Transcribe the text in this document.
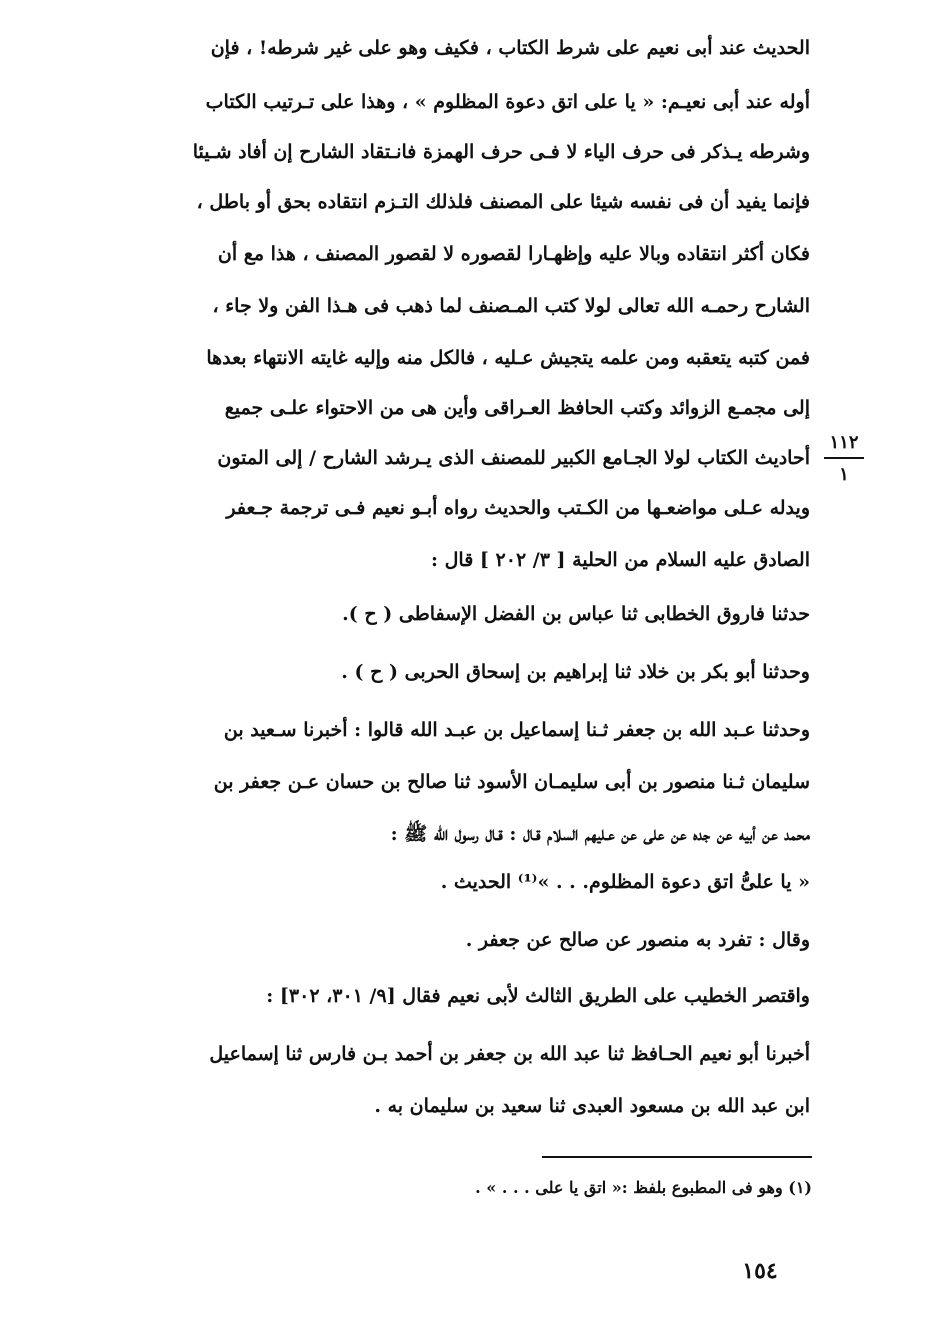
الحديث عند أبى نعيم على شرط الكتاب ، فكيف وهو على غير شرطه! ، فإن
أوله عند أبى نعيـم: « يا على اتق دعوة المظلوم » ، وهذا على تـرتيب الكتاب
وشرطه يـذكر فى حرف الياء لا فـى حرف الهمزة فانـتقاد الشارح إن أفاد شـيئا
فإنما يفيد أن فى نفسه شيئا على المصنف فلذلك التـزم انتقاده بحق أو باطل ،
فكان أكثر انتقاده وبالا عليه وإظهـارا لقصوره لا لقصور المصنف ، هذا مع أن
الشارح رحمـه الله تعالى لولا كتب المـصنف لما ذهب فى هـذا الفن ولا جاء ،
فمن كتبه يتعقبه ومن علمه يتجيش عـليه ، فالكل منه وإليه غايته الانتهاء بعدها
إلى مجمـع الزوائد وكتب الحافظ العـراقى وأين هى من الاحتواء علـى جميع
أحاديث الكتاب لولا الجـامع الكبير للمصنف الذى يـرشد الشارح / إلى المتون
ويدله عـلى مواضعـها من الكـتب والحديث رواه أبـو نعيم فـى ترجمة جـعفر
الصادق عليه السلام من الحلية [ ٣/ ٢٠٢ ] قال :
١١٢
١
حدثنا فاروق الخطابى ثنا عباس بن الفضل الإسفاطى ( ح ).
وحدثنا أبو بكر بن خلاد ثنا إبراهيم بن إسحاق الحربى ( ح ) .
وحدثنا عـبد الله بن جعفر ثـنا إسماعيل بن عبـد الله قالوا : أخبرنا سـعيد بن
سليمان ثـنا منصور بن أبى سليمـان الأسود ثنا صالح بن حسان عـن جعفر بن
محمد عن أبيه عن جده عن على عن عـليهم السلام قـال : قـال رسول الله ﷺ :
« يا علىُّ اتق دعوة المظلوم. . . »⁽¹⁾ الحديث .
وقال : تفرد به منصور عن صالح عن جعفر .
واقتصر الخطيب على الطريق الثالث لأبى نعيم فقال [٩/ ٣٠١، ٣٠٢] :
أخبرنا أبو نعيم الحـافظ ثنا عبد الله بن جعفر بن أحمد بـن فارس ثنا إسماعيل
ابن عبد الله بن مسعود العبدى ثنا سعيد بن سليمان به .
(١) وهو فى المطبوع بلفظ :« اتق يا على . . . » .
١٥٤
